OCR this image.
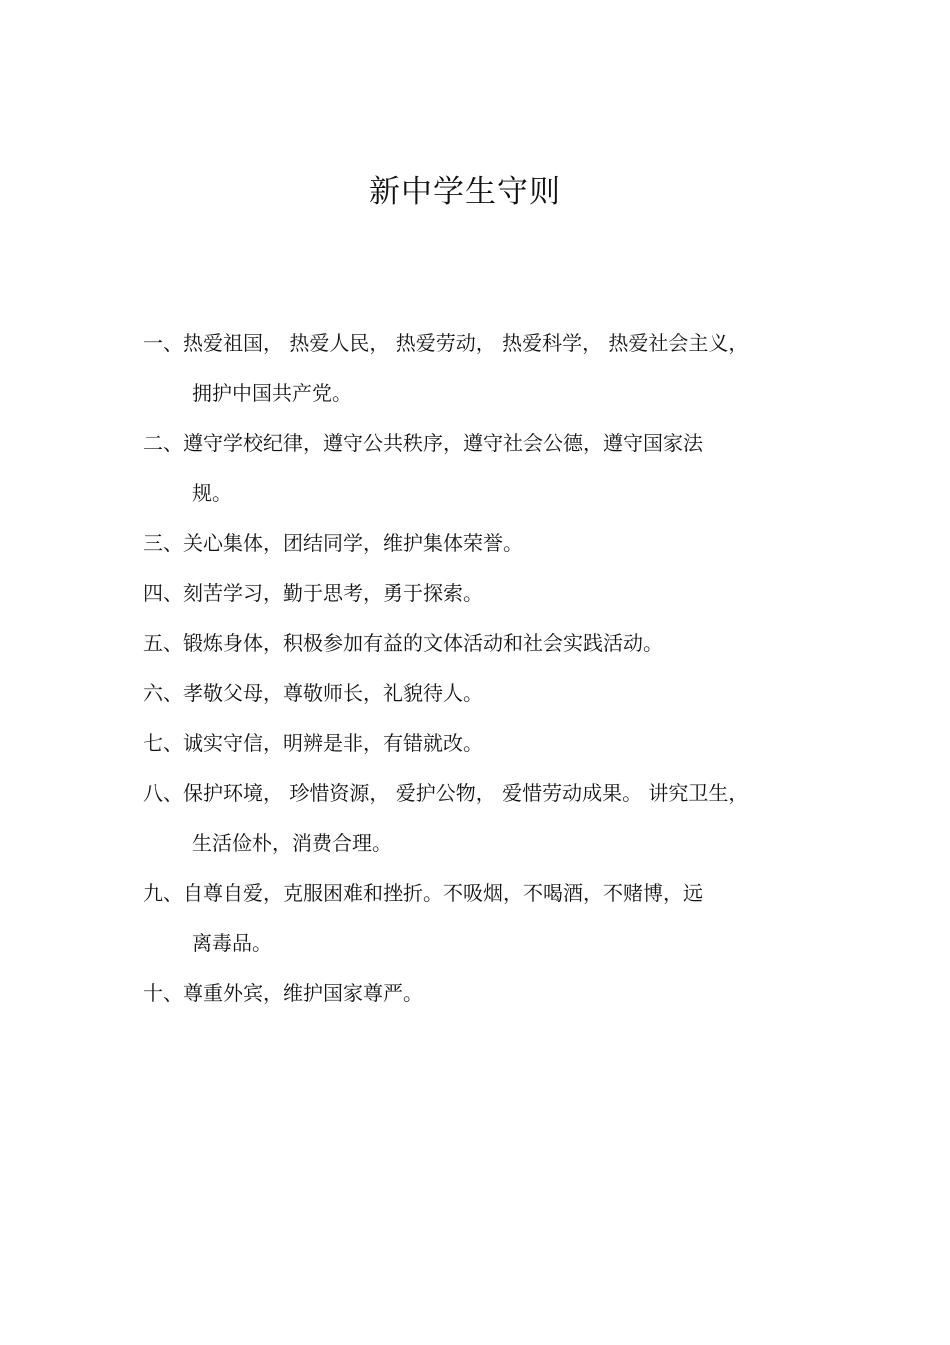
新中学生守则
一、热爱祖国， 热爱人民， 热爱劳动， 热爱科学， 热爱社会主义，
拥护中国共产党。
二、遵守学校纪律，遵守公共秩序，遵守社会公德，遵守国家法
规。
三、关心集体，团结同学，维护集体荣誉。
四、刻苦学习，勤于思考，勇于探索。
五、锻炼身体，积极参加有益的文体活动和社会实践活动。
六、孝敬父母，尊敬师长，礼貌待人。
七、诚实守信，明辨是非，有错就改。
八、保护环境， 珍惜资源， 爱护公物， 爱惜劳动成果。 讲究卫生，
生活俭朴，消费合理。
九、自尊自爱，克服困难和挫折。不吸烟，不喝酒，不赌博，远
离毒品。
十、尊重外宾，维护国家尊严。
